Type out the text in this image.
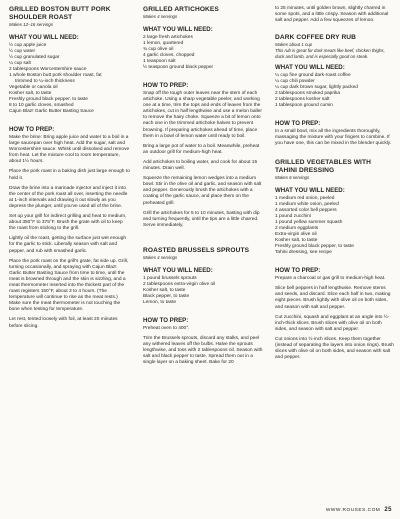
GRILLED BOSTON BUTT PORK SHOULDER ROAST
Makes 12–16 servings
WHAT YOU WILL NEED:
½ cup apple juice
½ cup water
½ cup granulated sugar
¼ cup salt
2 tablespoons Worcestershire sauce
1 whole Boston butt pork shoulder roast, fat
trimmed to ¼-inch thickness
Vegetable or canola oil
Kosher salt, to taste
Freshly ground black pepper, to taste
8 to 10 garlic cloves, smashed
Cajun Blaz! Garlic Butter Basting Sauce
HOW TO PREP:

Make the brine: Bring apple juice and water to a boil in a large saucepan over high heat. Add the sugar, salt and Worcestershire sauce. Whisk until dissolved and remove from heat. Let the mixture cool to room temperature, about 1½ hours.

Place the pork roast in a baking dish just large enough to hold it.

Draw the brine into a marinade injector and inject it into the center of the pork roast all over, inserting the needle at 1-inch intervals and drawing it out slowly as you depress the plunger, until you've used all of the brine.

Set up your grill for indirect grilling and heat to medium, about 350°F to 375°F. Brush the grate with oil to keep the roast from sticking to the grill.

Lightly oil the roast, getting the surface just wet enough for the garlic to stick. Liberally season with salt and pepper, and rub with smashed garlic.

Place the pork roast on the grill's grate, fat side up. Grill, turning occasionally, and spraying with Cajun Blaz! Garlic Butter Basting Sauce from time to time, until the meat is browned through and the skin is sizzling, and a meat thermometer inserted into the thickest part of the roast registers 150°F, about 3 to 4 hours. (The temperature will continue to rise as the meat rests.) Make sure the meat thermometer is not touching the bone when testing for temperature.

Let rest, tented loosely with foil, at least 20 minutes before slicing.

GRILLED ARTICHOKES
Makes 4 servings
WHAT YOU WILL NEED:
2 large fresh artichokes
1 lemon, quartered
¾ cup olive oil
4 garlic cloves, chopped
1 teaspoon salt
½ teaspoon ground black pepper
HOW TO PREP:

Snap off the tough outer leaves near the stem of each artichoke. Using a sharp vegetable peeler, and working one at a time, trim the tops and ends of leaves from the artichokes, cut in half lengthwise and use a melon baller to remove the hairy choke. Squeeze a bit of lemon onto each one in the trimmed artichoke halves to prevent browning. If preparing artichokes ahead of time, place them in a bowl of lemon water until ready to boil.

Bring a large pot of water to a boil. Meanwhile, preheat an outdoor grill for medium-high heat.

Add artichokes to boiling water, and cook for about 15 minutes. Drain well.

Squeeze the remaining lemon wedges into a medium bowl. Stir in the olive oil and garlic, and season with salt and pepper. Generously brush the artichokes with a coating of the garlic sauce, and place them on the preheated grill.

Grill the artichokes for 5 to 10 minutes, basting with dip and turning frequently, until the tips are a little charred. Serve immediately.

ROASTED BRUSSELS SPROUTS
Makes 4 servings
WHAT YOU WILL NEED:
1 pound brussels sprouts
2 tablespoons extra-virgin olive oil
Kosher salt, to taste
Black pepper, to taste
Lemon, to taste
HOW TO PREP:

Preheat oven to 400°.

Trim the Brussels sprouts, discard any stalks, and peel any withered leaves off the bulbs. Halve the sprouts lengthwise, and toss with 2 tablespoons oil. Season with salt and black pepper to taste. Spread them out in a single layer on a baking sheet. Bake for 20

to 25 minutes, until golden brown, slightly charred in some spots, and a little crispy. Season with additional salt and pepper. Add a few squeezes of lemon.

DARK COFFEE DRY RUB
Makes about 1 cup
This rub is great for dark meats like beef, chicken thighs, duck and lamb, and is especially good on steak.
WHAT YOU WILL NEED:
¼ cup fine ground dark-roast coffee
¼ cup chili powder
¼ cup dark brown sugar, lightly packed
2 tablespoons smoked paprika
2 tablespoons kosher salt
1 tablespoon ground cumin
HOW TO PREP:

In a small bowl, mix all the ingredients thoroughly, massaging the mixture with your fingers to combine. If you have one, this can be mixed in the blender quickly.

GRILLED VEGETABLES WITH TAHINI DRESSING
Makes 6 servings
WHAT YOU WILL NEED:
1 medium red onion, peeled
1 medium white onion, peeled
4 assorted color bell peppers
1 pound zucchini
1 pound yellow summer squash
2 medium eggplants
Extra-virgin olive oil
Kosher salt, to taste
Freshly ground black pepper, to taste
Tahini dressing, see recipe
HOW TO PREP:

Prepare a charcoal or gas grill to medium-high heat.

Slice bell peppers in half lengthwise. Remove stems and seeds, and discard. Slice each half in two, making eight pieces. Brush lightly with olive oil on both sides, and season with salt and pepper.

Cut zucchini, squash and eggplant at an angle into ½-inch-thick slices. Brush slices with olive oil on both sides, and season with salt and pepper.

Cut onions into ½-inch slices. Keep them together (instead of separating the layers into onion rings). Brush slices with olive oil on both sides, and season with salt and pepper.

WWW.ROUSES.COM 25
